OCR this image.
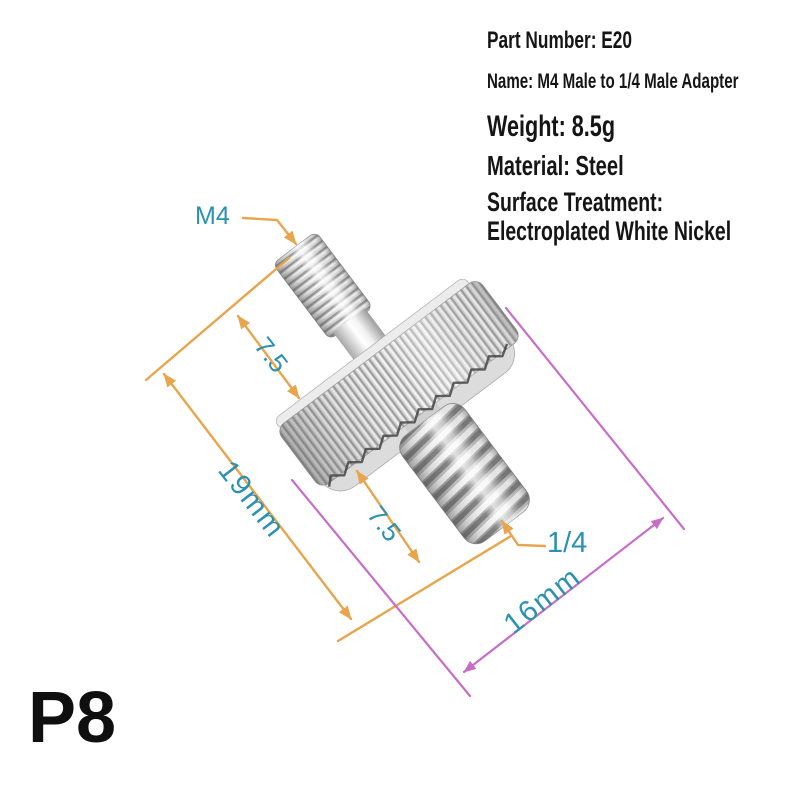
M4
7.5
19mm	7.5	1/4
16mm
Part Number: E20
Name: M4 Male to 1/4 Male Adapter
Weight: 8.5g
Material: Steel
Surface Treatment:
Electroplated White Nickel
P8
